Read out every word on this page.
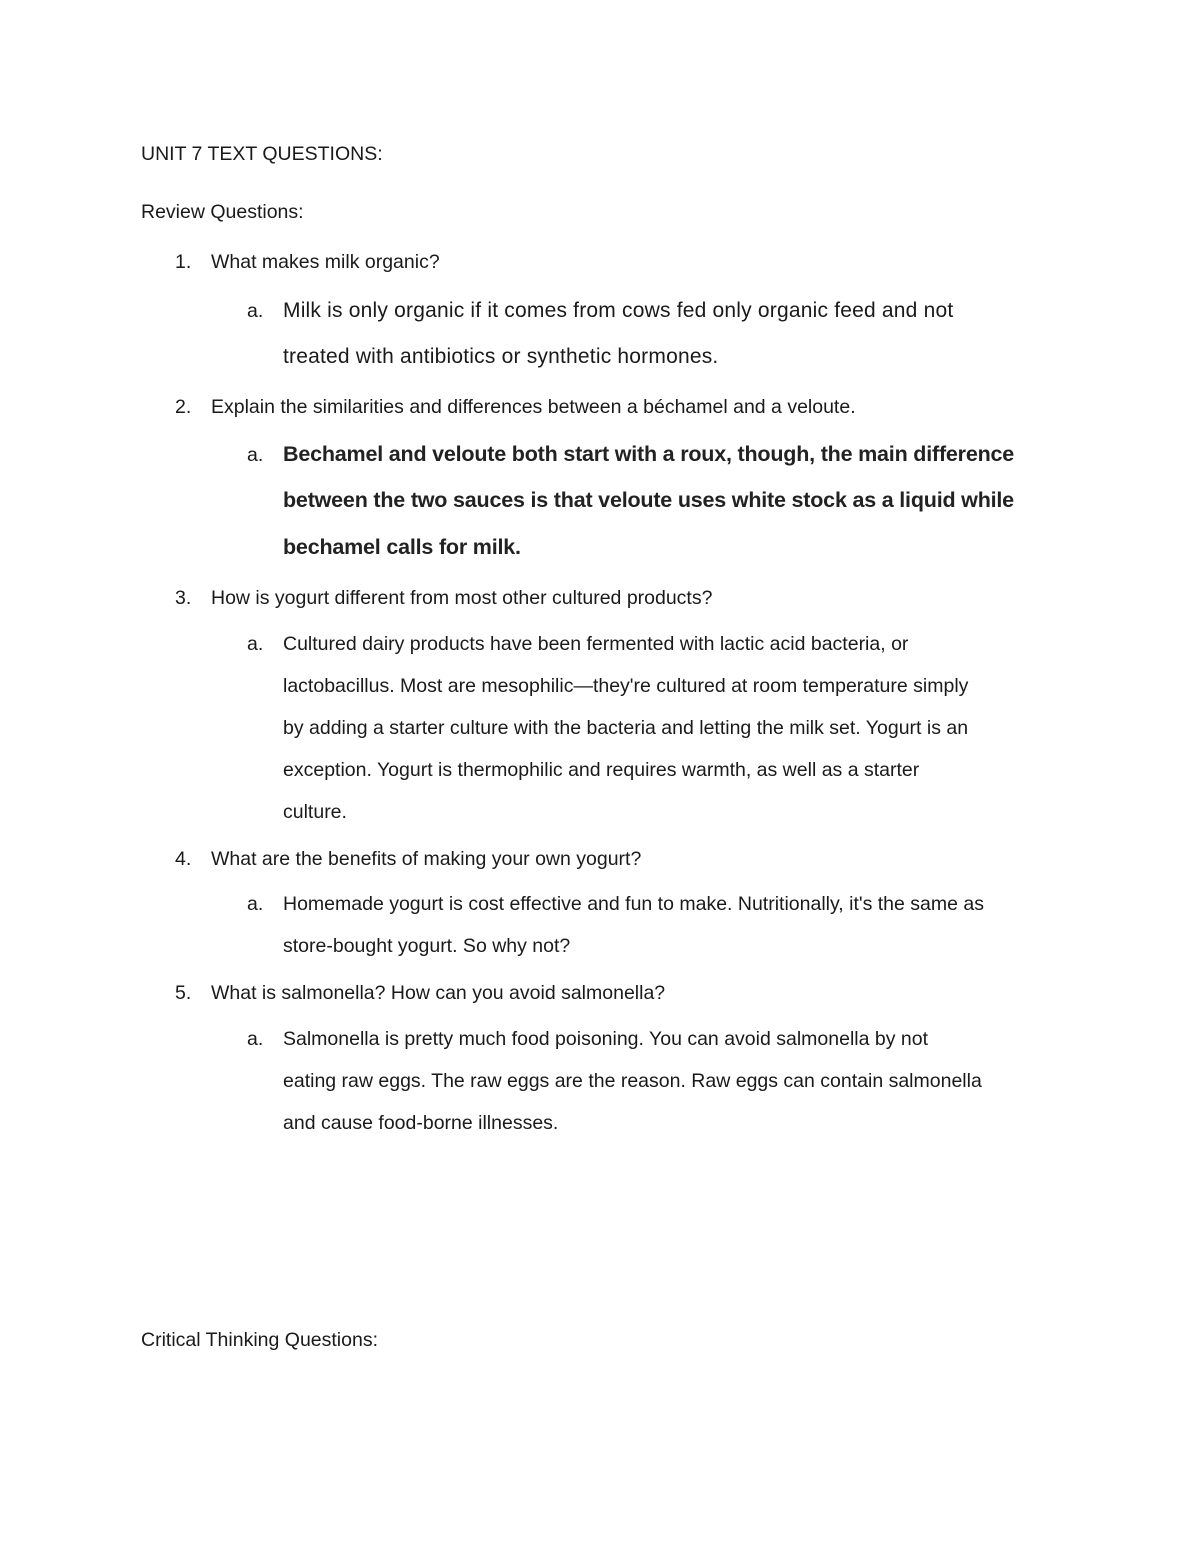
UNIT 7 TEXT QUESTIONS:
Review Questions:
1. What makes milk organic?
a. Milk is only organic if it comes from cows fed only organic feed and not
treated with antibiotics or synthetic hormones.
2. Explain the similarities and differences between a béchamel and a veloute.
a. Bechamel and veloute both start with a roux, though, the main difference
between the two sauces is that veloute uses white stock as a liquid while
bechamel calls for milk.
3. How is yogurt different from most other cultured products?
a. Cultured dairy products have been fermented with lactic acid bacteria, or
lactobacillus. Most are mesophilic—they're cultured at room temperature simply
by adding a starter culture with the bacteria and letting the milk set. Yogurt is an
exception. Yogurt is thermophilic and requires warmth, as well as a starter
culture.
4. What are the benefits of making your own yogurt?
a. Homemade yogurt is cost effective and fun to make. Nutritionally, it's the same as
store-bought yogurt. So why not?
5. What is salmonella? How can you avoid salmonella?
a. Salmonella is pretty much food poisoning. You can avoid salmonella by not
eating raw eggs. The raw eggs are the reason. Raw eggs can contain salmonella
and cause food-borne illnesses.
Critical Thinking Questions:
